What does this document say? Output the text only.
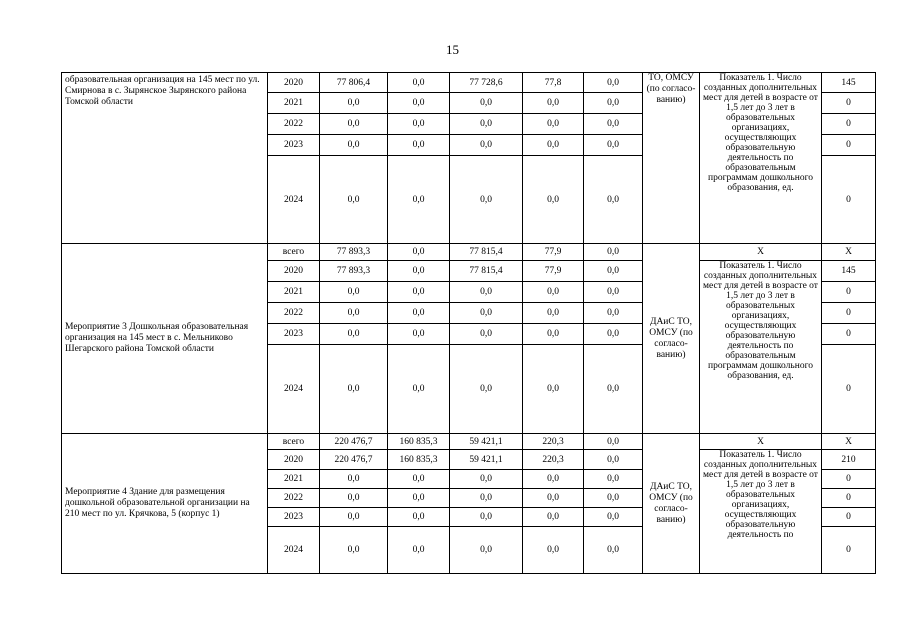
15
образовательная организация на 145 мест по ул. Смирнова в с. Зырянское Зырянского района Томской области	2020	77 806,4	0,0	77 728,6	77,8	0,0	ТО, ОМСУ (по согласо-ванию)	Показатель 1. Число созданных дополнительных мест для детей в возрасте от 1,5 лет до 3 лет в образовательных организациях, осуществляющих образовательную деятельность по образовательным программам дошкольного образования, ед.	145
	2021	0,0	0,0	0,0	0,0	0,0			0
	2022	0,0	0,0	0,0	0,0	0,0			0
	2023	0,0	0,0	0,0	0,0	0,0			0
	2024	0,0	0,0	0,0	0,0	0,0			0
Мероприятие 3 Дошкольная образовательная организация на 145 мест в с. Мельниково Шегарского района Томской области	всего	77 893,3	0,0	77 815,4	77,9	0,0	ДАиС ТО, ОМСУ (по согласо-ванию)	Х	Х
	2020	77 893,3	0,0	77 815,4	77,9	0,0		Показатель 1. Число созданных дополнительных мест для детей в возрасте от 1,5 лет до 3 лет в образовательных организациях, осуществляющих образовательную деятельность по образовательным программам дошкольного образования, ед.	145
	2021	0,0	0,0	0,0	0,0	0,0			0
	2022	0,0	0,0	0,0	0,0	0,0			0
	2023	0,0	0,0	0,0	0,0	0,0			0
	2024	0,0	0,0	0,0	0,0	0,0			0
Мероприятие 4 Здание для размещения дошкольной образовательной организации на 210 мест по ул. Крячкова, 5 (корпус 1)	всего	220 476,7	160 835,3	59 421,1	220,3	0,0	ДАиС ТО, ОМСУ (по согласо-ванию)	Х	Х
	2020	220 476,7	160 835,3	59 421,1	220,3	0,0		Показатель 1. Число созданных дополнительных мест для детей в возрасте от 1,5 лет до 3 лет в образовательных организациях, осуществляющих образовательную деятельность по	210
	2021	0,0	0,0	0,0	0,0	0,0			0
	2022	0,0	0,0	0,0	0,0	0,0			0
	2023	0,0	0,0	0,0	0,0	0,0			0
	2024	0,0	0,0	0,0	0,0	0,0			0
